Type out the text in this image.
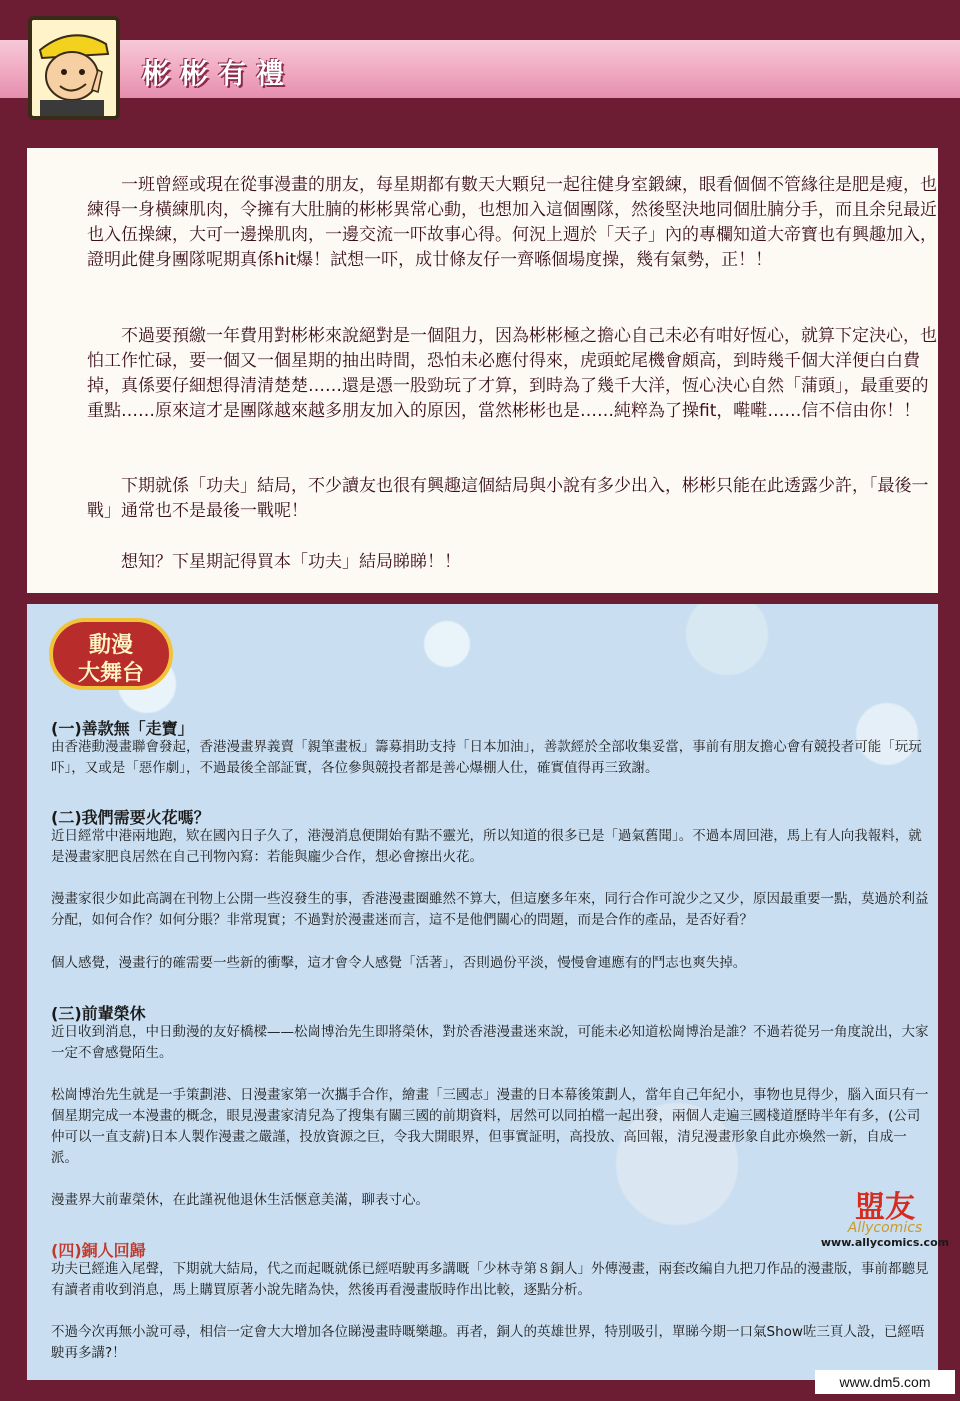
彬彬有禮
一班曾經或現在從事漫畫的朋友，每星期都有數天大顆兒一起往健身室鍛練，眼看個個不管緣往是肥是瘦，也練得一身橫練肌肉，令擁有大肚腩的彬彬異常心動，也想加入這個團隊，然後堅決地同個肚腩分手，而且余兒最近也入伍操練，大可一邊操肌肉，一邊交流一吓故事心得。何況上週於「天子」內的專欄知道大帝寶也有興趣加入，證明此健身團隊呢期真係hit爆！試想一吓，成廿條友仔一齊喺個場度操，幾有氣勢，正！！
不過要預繳一年費用對彬彬來說絕對是一個阻力，因為彬彬極之擔心自己未必有咁好恆心，就算下定決心，也怕工作忙碌，要一個又一個星期的抽出時間，恐怕未必應付得來，虎頭蛇尾機會頗高，到時幾千個大洋便白白費掉，真係要仔細想得清清楚楚……還是憑一股勁玩了才算，到時為了幾千大洋，恆心決心自然「蒲頭」，最重要的重點……原來這才是團隊越來越多朋友加入的原因，當然彬彬也是……純粹為了操fit，嚡嚡……信不信由你！！
下期就係「功夫」結局，不少讀友也很有興趣這個結局與小說有多少出入，彬彬只能在此透露少許，「最後一戰」通常也不是最後一戰呢！
想知？下星期記得買本「功夫」結局睇睇！！
動漫
大舞台
(一)善款無「走寶」
由香港動漫畫聯會發起，香港漫畫界義賣「親筆畫板」籌募捐助支持「日本加油」，善款經於全部收集妥當，事前有朋友擔心會有競投者可能「玩玩吓」，又或是「惡作劇」，不過最後全部証實，各位參與競投者都是善心爆棚人仕，確實值得再三致謝。
(二)我們需要火花嗎？
近日經常中港兩地跑，欵在國內日子久了，港漫消息便開始有點不靈光，所以知道的很多已是「過氣舊聞」。不過本周回港，馬上有人向我報料，就是漫畫家肥良居然在自己刊物內寫：若能與龐少合作，想必會擦出火花。
漫畫家很少如此高調在刊物上公開一些沒發生的事，香港漫畫圈雖然不算大，但這麼多年來，同行合作可說少之又少，原因最重要一點，莫過於利益分配，如何合作？如何分賬？非常現實；不過對於漫畫迷而言，這不是他們關心的問題，而是合作的產品，是否好看？
個人感覺，漫畫行的確需要一些新的衝擊，這才會令人感覺「活著」，否則過份平淡，慢慢會連應有的鬥志也爽失掉。
(三)前輩榮休
近日收到消息，中日動漫的友好橋樑——松崗博治先生即將榮休，對於香港漫畫迷來說，可能未必知道松崗博治是誰？不過若從另一角度說出，大家一定不會感覺陌生。
松崗博治先生就是一手策劃港、日漫畫家第一次攜手合作，繪畫「三國志」漫畫的日本幕後策劃人，當年自己年紀小，事物也見得少，腦入面只有一個星期完成一本漫畫的概念，眼見漫畫家清兒為了搜集有關三國的前期資料，居然可以同拍檔一起出發，兩個人走遍三國棧道歷時半年有多，(公司仲可以一直支薪)日本人製作漫畫之嚴謹，投放資源之巨，令我大開眼界，但事實証明，高投放、高回報，清兒漫畫形象自此亦煥然一新，自成一派。
漫畫界大前輩榮休，在此謹祝他退休生活愜意美滿，聊表寸心。
(四)銅人回歸
功夫已經進入尾聲，下期就大結局，代之而起嘅就係已經唔駛再多講嘅「少林寺第８銅人」外傳漫畫，兩套改編自九把刀作品的漫畫版，事前都聽見有讀者甫收到消息，馬上購買原著小說先睹為快，然後再看漫畫版時作出比較，逐點分析。
不過今次再無小說可尋，相信一定會大大增加各位睇漫畫時嘅樂趣。再者，銅人的英雄世界，特別吸引，單睇今期一口氣Show咗三頁人設，已經唔駛再多講?！
盟友
Allycomics
www.allycomics.com
www.dm5.com
